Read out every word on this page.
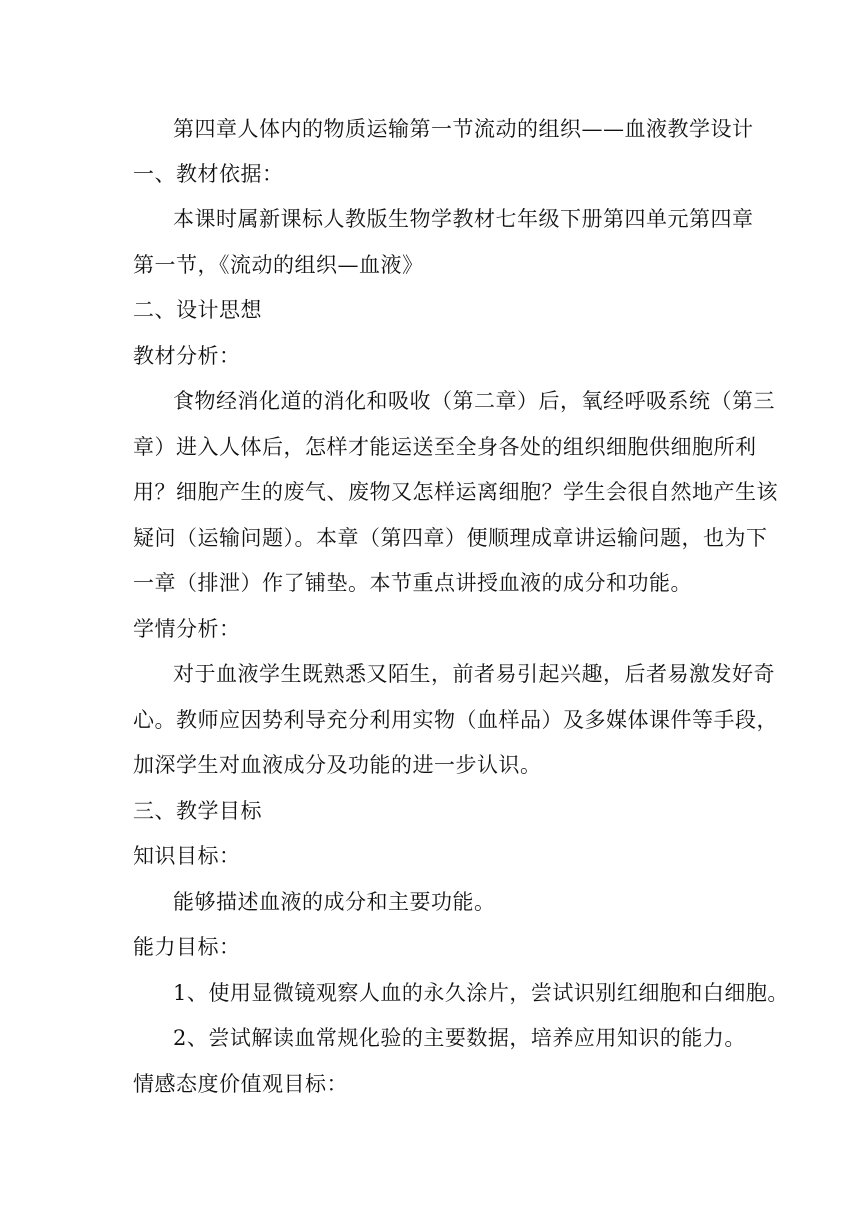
第四章人体内的物质运输第一节流动的组织——血液教学设计
一、教材依据：
本课时属新课标人教版生物学教材七年级下册第四单元第四章
第一节，《流动的组织—血液》
二、设计思想
教材分析：
食物经消化道的消化和吸收（第二章）后，氧经呼吸系统（第三
章）进入人体后，怎样才能运送至全身各处的组织细胞供细胞所利
用？细胞产生的废气、废物又怎样运离细胞？学生会很自然地产生该
疑问（运输问题）。本章（第四章）便顺理成章讲运输问题，也为下
一章（排泄）作了铺垫。本节重点讲授血液的成分和功能。
学情分析：
对于血液学生既熟悉又陌生，前者易引起兴趣，后者易激发好奇
心。教师应因势利导充分利用实物（血样品）及多媒体课件等手段，
加深学生对血液成分及功能的进一步认识。
三、教学目标
知识目标：
能够描述血液的成分和主要功能。
能力目标：
1、使用显微镜观察人血的永久涂片，尝试识别红细胞和白细胞。
2、尝试解读血常规化验的主要数据，培养应用知识的能力。
情感态度价值观目标：
